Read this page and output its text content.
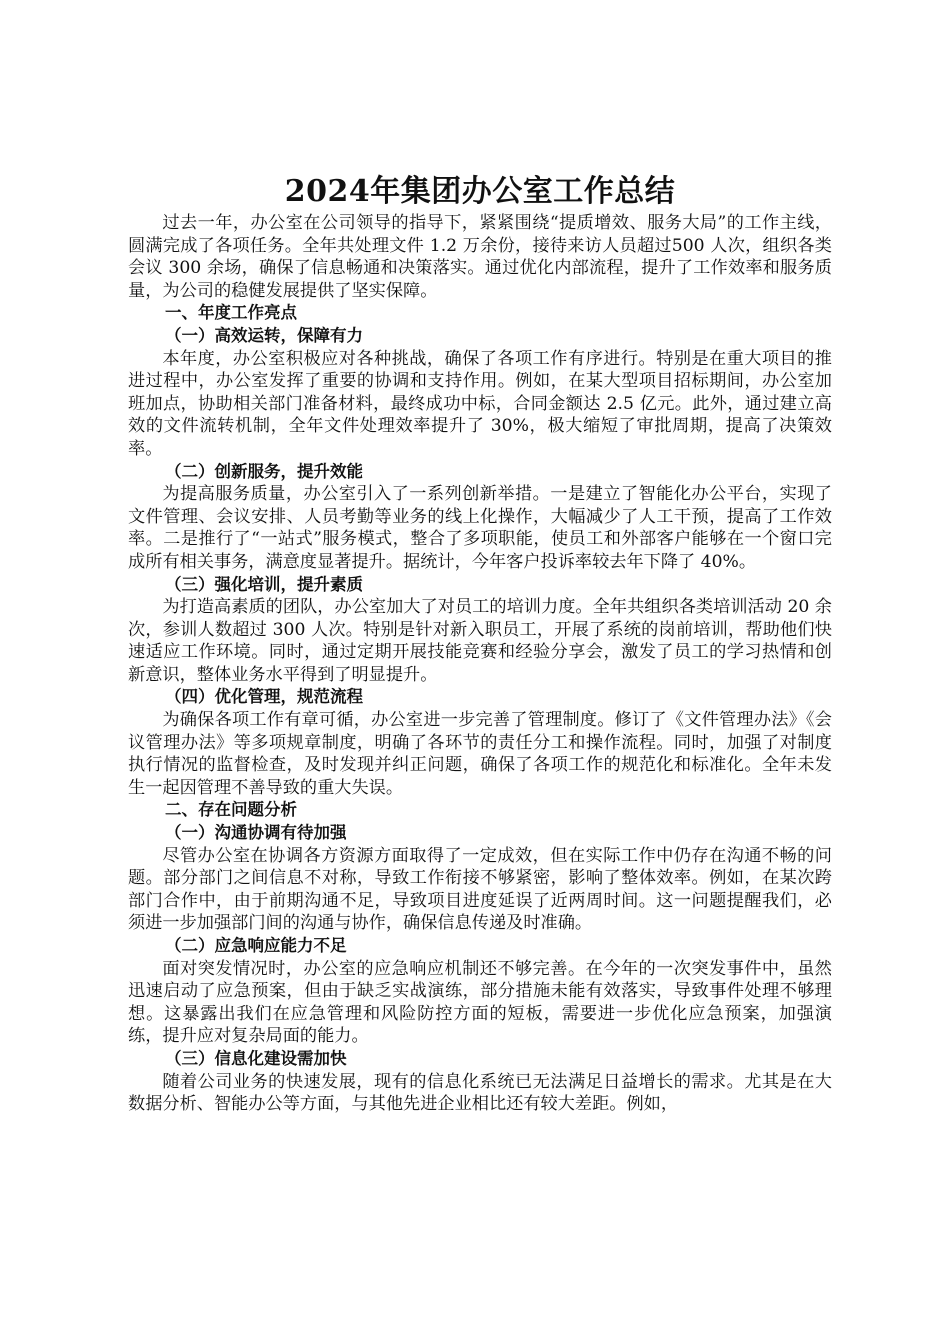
2024年集团办公室工作总结

过去一年，办公室在公司领导的指导下，紧紧围绕“提质增效、服务大局”的工作主线，圆满完成了各项任务。全年共处理文件 1.2 万余份，接待来访人员超过500 人次，组织各类会议 300 余场，确保了信息畅通和决策落实。通过优化内部流程，提升了工作效率和服务质量，为公司的稳健发展提供了坚实保障。

一、年度工作亮点
（一）高效运转，保障有力

本年度，办公室积极应对各种挑战，确保了各项工作有序进行。特别是在重大项目的推进过程中，办公室发挥了重要的协调和支持作用。例如，在某大型项目招标期间，办公室加班加点，协助相关部门准备材料，最终成功中标，合同金额达 2.5 亿元。此外，通过建立高效的文件流转机制，全年文件处理效率提升了 30%，极大缩短了审批周期，提高了决策效率。

（二）创新服务，提升效能

为提高服务质量，办公室引入了一系列创新举措。一是建立了智能化办公平台，实现了文件管理、会议安排、人员考勤等业务的线上化操作，大幅减少了人工干预，提高了工作效率。二是推行了“一站式”服务模式，整合了多项职能，使员工和外部客户能够在一个窗口完成所有相关事务，满意度显著提升。据统计，今年客户投诉率较去年下降了 40%。

（三）强化培训，提升素质

为打造高素质的团队，办公室加大了对员工的培训力度。全年共组织各类培训活动 20 余次，参训人数超过 300 人次。特别是针对新入职员工，开展了系统的岗前培训，帮助他们快速适应工作环境。同时，通过定期开展技能竞赛和经验分享会，激发了员工的学习热情和创新意识，整体业务水平得到了明显提升。

（四）优化管理，规范流程

为确保各项工作有章可循，办公室进一步完善了管理制度。修订了《文件管理办法》《会议管理办法》等多项规章制度，明确了各环节的责任分工和操作流程。同时，加强了对制度执行情况的监督检查，及时发现并纠正问题，确保了各项工作的规范化和标准化。全年未发生一起因管理不善导致的重大失误。

二、存在问题分析
（一）沟通协调有待加强

尽管办公室在协调各方资源方面取得了一定成效，但在实际工作中仍存在沟通不畅的问题。部分部门之间信息不对称，导致工作衔接不够紧密，影响了整体效率。例如，在某次跨部门合作中，由于前期沟通不足，导致项目进度延误了近两周时间。这一问题提醒我们，必须进一步加强部门间的沟通与协作，确保信息传递及时准确。

（二）应急响应能力不足

面对突发情况时，办公室的应急响应机制还不够完善。在今年的一次突发事件中，虽然迅速启动了应急预案，但由于缺乏实战演练，部分措施未能有效落实，导致事件处理不够理想。这暴露出我们在应急管理和风险防控方面的短板，需要进一步优化应急预案，加强演练，提升应对复杂局面的能力。

（三）信息化建设需加快

随着公司业务的快速发展，现有的信息化系统已无法满足日益增长的需求。尤其是在大数据分析、智能办公等方面，与其他先进企业相比还有较大差距。例如，
